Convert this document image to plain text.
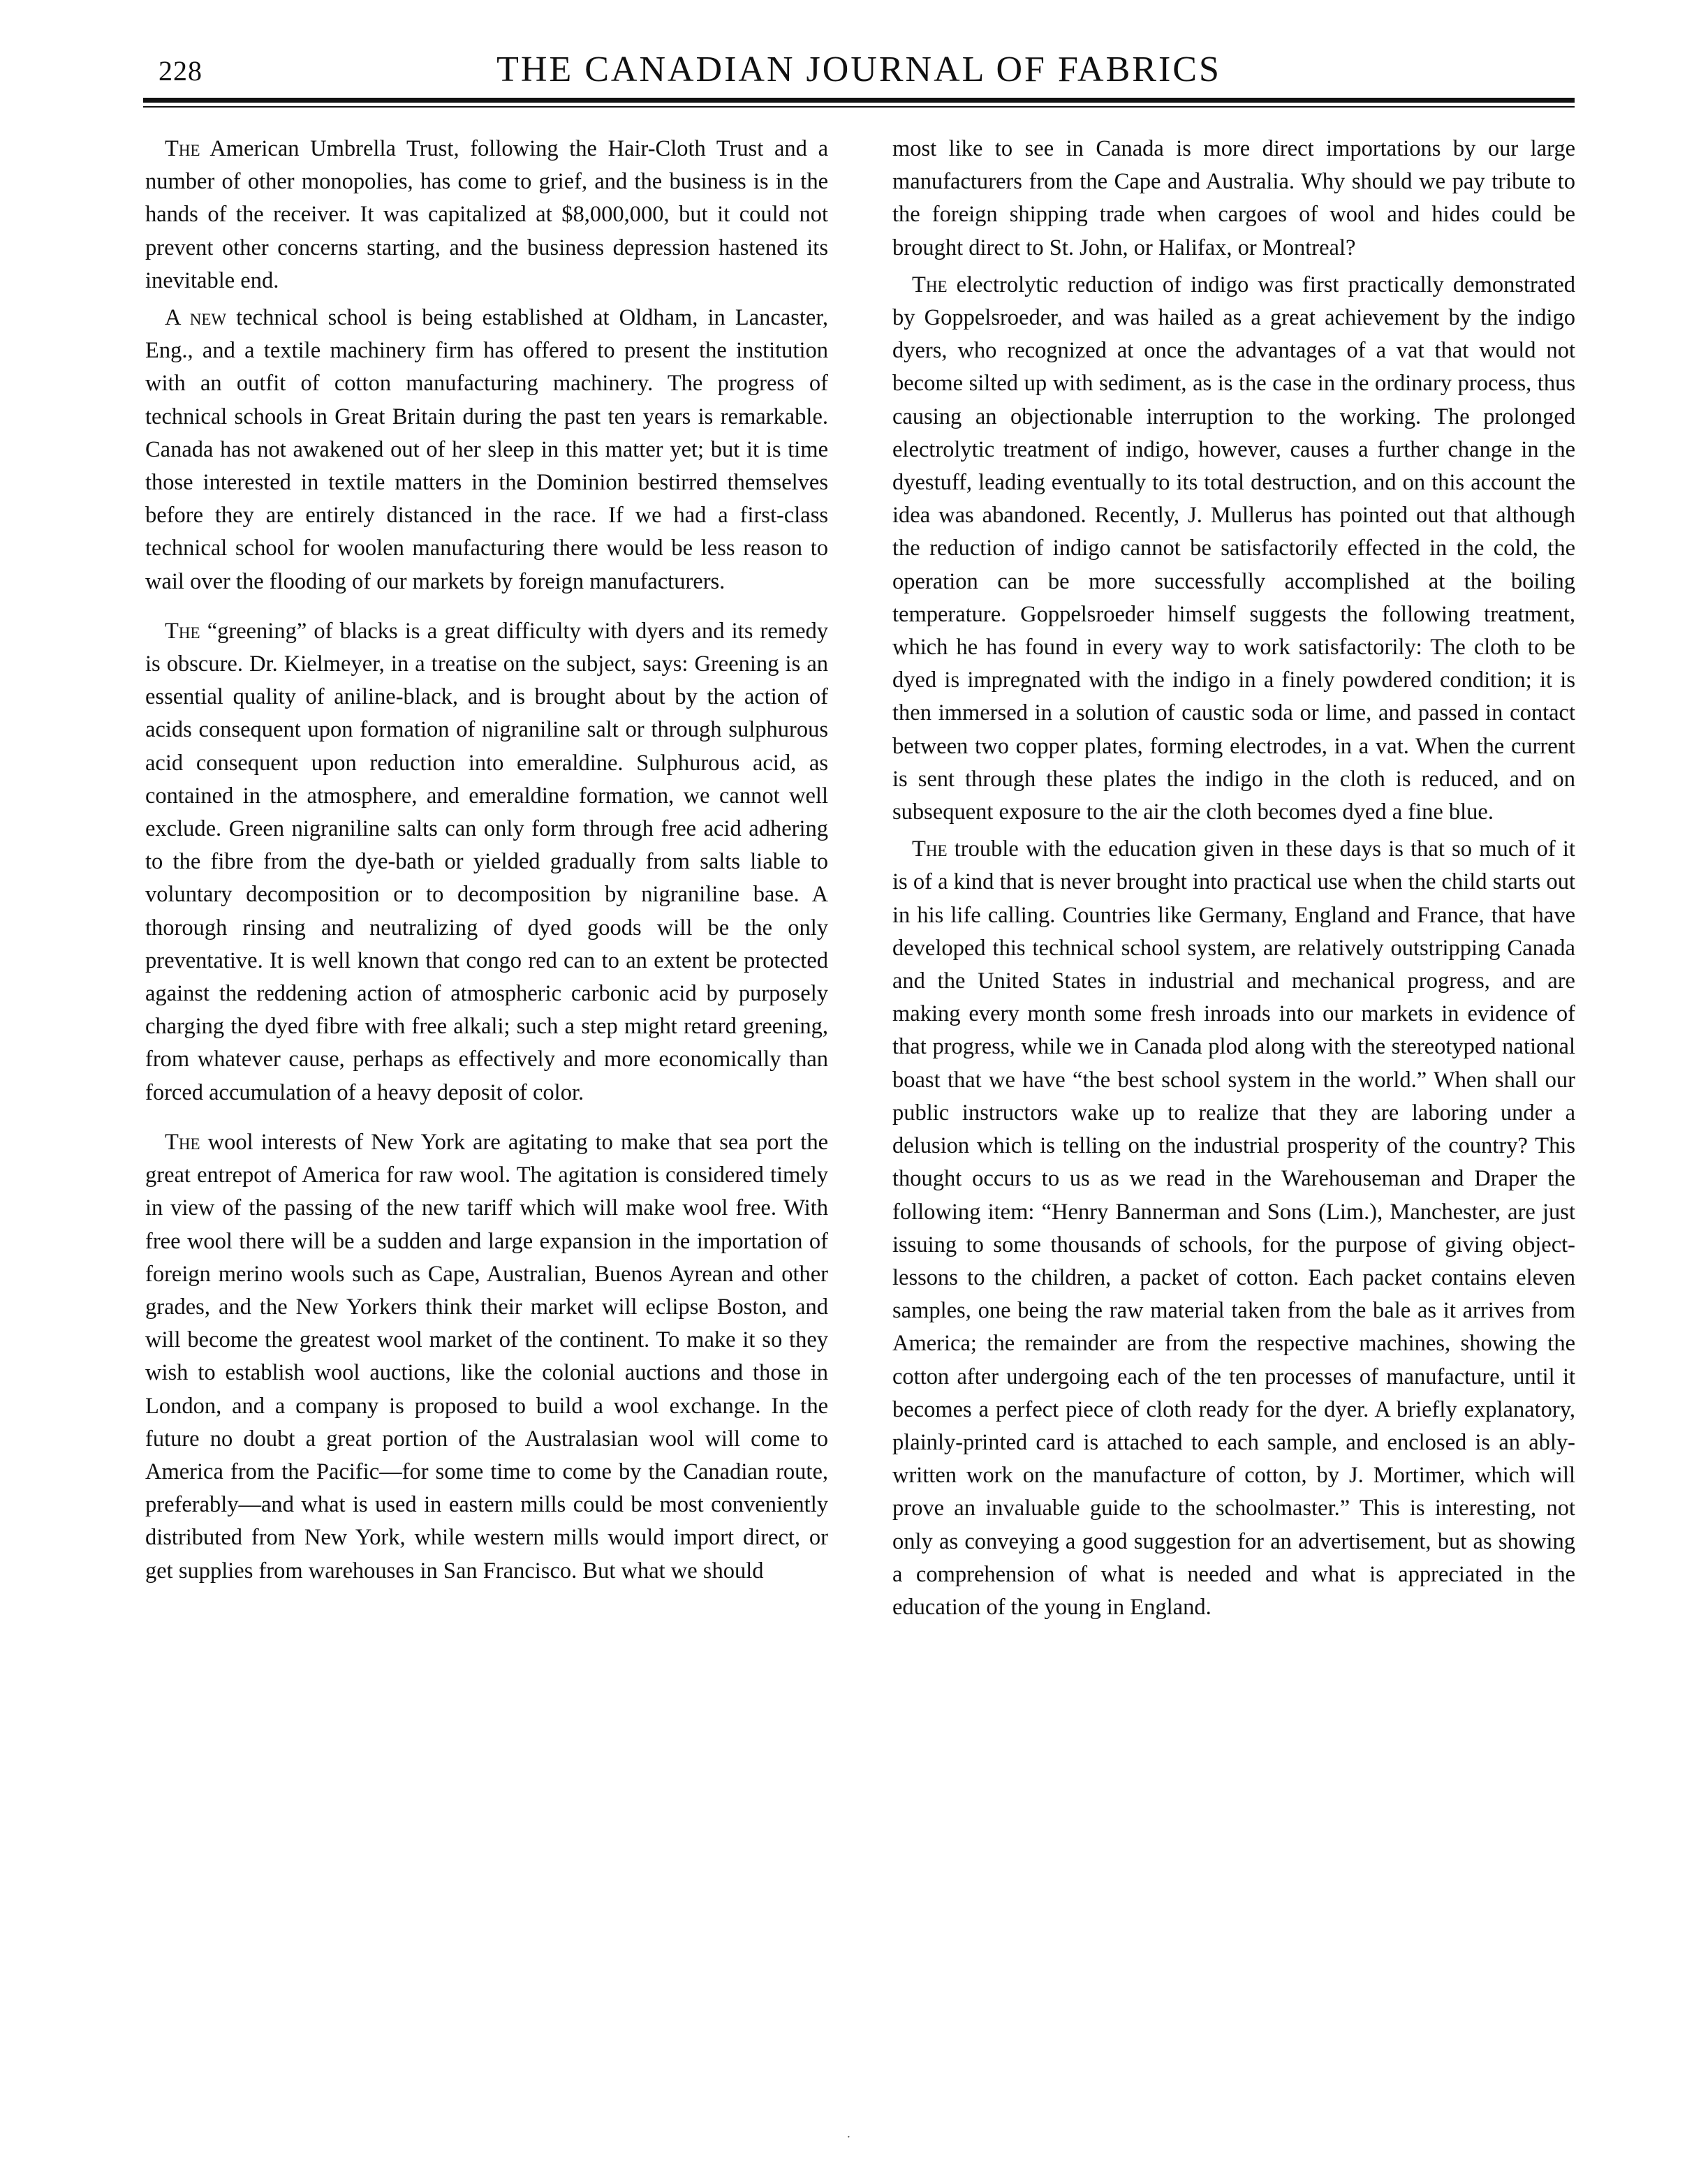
228	THE CANADIAN JOURNAL OF FABRICS

The American Umbrella Trust, following the Hair-Cloth Trust and a number of other monopolies, has come to grief, and the business is in the hands of the receiver. It was capitalized at $8,000,000, but it could not prevent other concerns starting, and the business depression hastened its inevitable end.

A new technical school is being established at Oldham, in Lancaster, Eng., and a textile machinery firm has offered to present the institution with an outfit of cotton manufacturing machinery. The progress of technical schools in Great Britain during the past ten years is remarkable. Canada has not awakened out of her sleep in this matter yet; but it is time those interested in textile matters in the Dominion bestirred themselves before they are entirely distanced in the race. If we had a first-class technical school for woolen manufacturing there would be less reason to wail over the flooding of our markets by foreign manufacturers.

The “greening” of blacks is a great difficulty with dyers and its remedy is obscure. Dr. Kielmeyer, in a treatise on the subject, says: Greening is an essential quality of aniline-black, and is brought about by the action of acids consequent upon formation of nigraniline salt or through sulphurous acid consequent upon reduction into emeraldine. Sulphurous acid, as contained in the atmosphere, and emeraldine formation, we cannot well exclude. Green nigraniline salts can only form through free acid adhering to the fibre from the dye-bath or yielded gradually from salts liable to voluntary decomposition or to decomposition by nigraniline base. A thorough rinsing and neutralizing of dyed goods will be the only preventative. It is well known that congo red can to an extent be protected against the reddening action of atmospheric carbonic acid by purposely charging the dyed fibre with free alkali; such a step might retard greening, from whatever cause, perhaps as effectively and more economically than forced accumulation of a heavy deposit of color.

The wool interests of New York are agitating to make that sea port the great entrepot of America for raw wool. The agitation is considered timely in view of the passing of the new tariff which will make wool free. With free wool there will be a sudden and large expansion in the importation of foreign merino wools such as Cape, Australian, Buenos Ayrean and other grades, and the New Yorkers think their market will eclipse Boston, and will become the greatest wool market of the continent. To make it so they wish to establish wool auctions, like the colonial auctions and those in London, and a company is proposed to build a wool exchange. In the future no doubt a great portion of the Australasian wool will come to America from the Pacific—for some time to come by the Canadian route, preferably—and what is used in eastern mills could be most conveniently distributed from New York, while western mills would import direct, or get supplies from warehouses in San Francisco. But what we should

most like to see in Canada is more direct importations by our large manufacturers from the Cape and Australia. Why should we pay tribute to the foreign shipping trade when cargoes of wool and hides could be brought direct to St. John, or Halifax, or Montreal?

The electrolytic reduction of indigo was first practically demonstrated by Goppelsroeder, and was hailed as a great achievement by the indigo dyers, who recognized at once the advantages of a vat that would not become silted up with sediment, as is the case in the ordinary process, thus causing an objectionable interruption to the working. The prolonged electrolytic treatment of indigo, however, causes a further change in the dyestuff, leading eventually to its total destruction, and on this account the idea was abandoned. Recently, J. Mullerus has pointed out that although the reduction of indigo cannot be satisfactorily effected in the cold, the operation can be more successfully accomplished at the boiling temperature. Goppelsroeder himself suggests the following treatment, which he has found in every way to work satisfactorily: The cloth to be dyed is impregnated with the indigo in a finely powdered condition; it is then immersed in a solution of caustic soda or lime, and passed in contact between two copper plates, forming electrodes, in a vat. When the current is sent through these plates the indigo in the cloth is reduced, and on subsequent exposure to the air the cloth becomes dyed a fine blue.

The trouble with the education given in these days is that so much of it is of a kind that is never brought into practical use when the child starts out in his life calling. Countries like Germany, England and France, that have developed this technical school system, are relatively outstripping Canada and the United States in industrial and mechanical progress, and are making every month some fresh inroads into our markets in evidence of that progress, while we in Canada plod along with the stereotyped national boast that we have “the best school system in the world.” When shall our public instructors wake up to realize that they are laboring under a delusion which is telling on the industrial prosperity of the country? This thought occurs to us as we read in the Warehouseman and Draper the following item: “Henry Bannerman and Sons (Lim.), Manchester, are just issuing to some thousands of schools, for the purpose of giving object-lessons to the children, a packet of cotton. Each packet contains eleven samples, one being the raw material taken from the bale as it arrives from America; the remainder are from the respective machines, showing the cotton after undergoing each of the ten processes of manufacture, until it becomes a perfect piece of cloth ready for the dyer. A briefly explanatory, plainly-printed card is attached to each sample, and enclosed is an ably-written work on the manufacture of cotton, by J. Mortimer, which will prove an invaluable guide to the schoolmaster.” This is interesting, not only as conveying a good suggestion for an advertisement, but as showing a comprehension of what is needed and what is appreciated in the education of the young in England.

·
